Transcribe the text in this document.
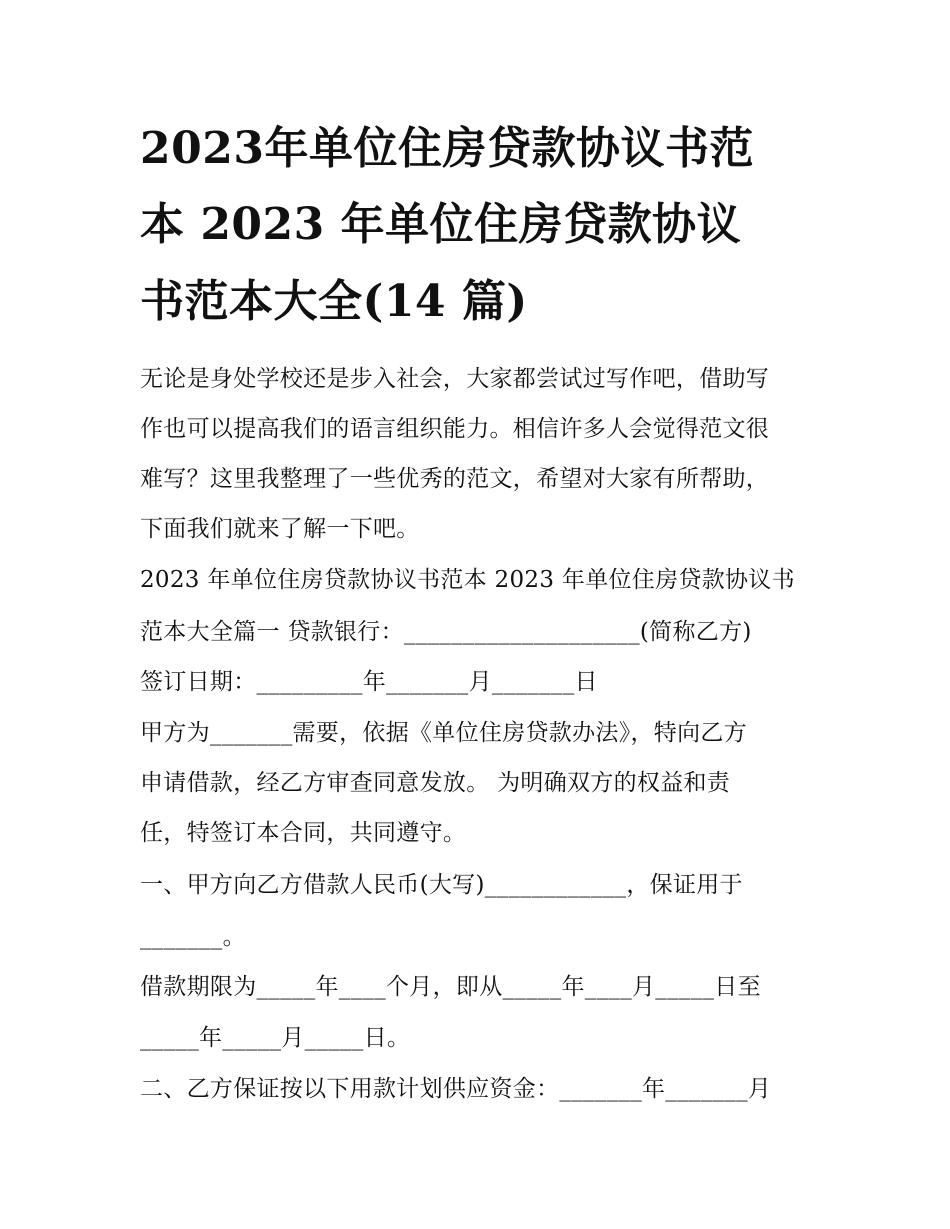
2023年单位住房贷款协议书范
本 2023 年单位住房贷款协议
书范本大全(14 篇)
无论是身处学校还是步入社会，大家都尝试过写作吧，借助写
作也可以提高我们的语言组织能力。相信许多人会觉得范文很
难写？这里我整理了一些优秀的范文，希望对大家有所帮助，
下面我们就来了解一下吧。
2023 年单位住房贷款协议书范本 2023 年单位住房贷款协议书
范本大全篇一 贷款银行：____________________(简称乙方)
签订日期：_________年_______月_______日
甲方为_______需要，依据《单位住房贷款办法》，特向乙方
申请借款，经乙方审查同意发放。 为明确双方的权益和责
任，特签订本合同，共同遵守。
一、甲方向乙方借款人民币(大写)____________，保证用于
_______。
借款期限为_____年____个月，即从_____年____月_____日至
_____年_____月_____日。
二、乙方保证按以下用款计划供应资金：_______年_______月
